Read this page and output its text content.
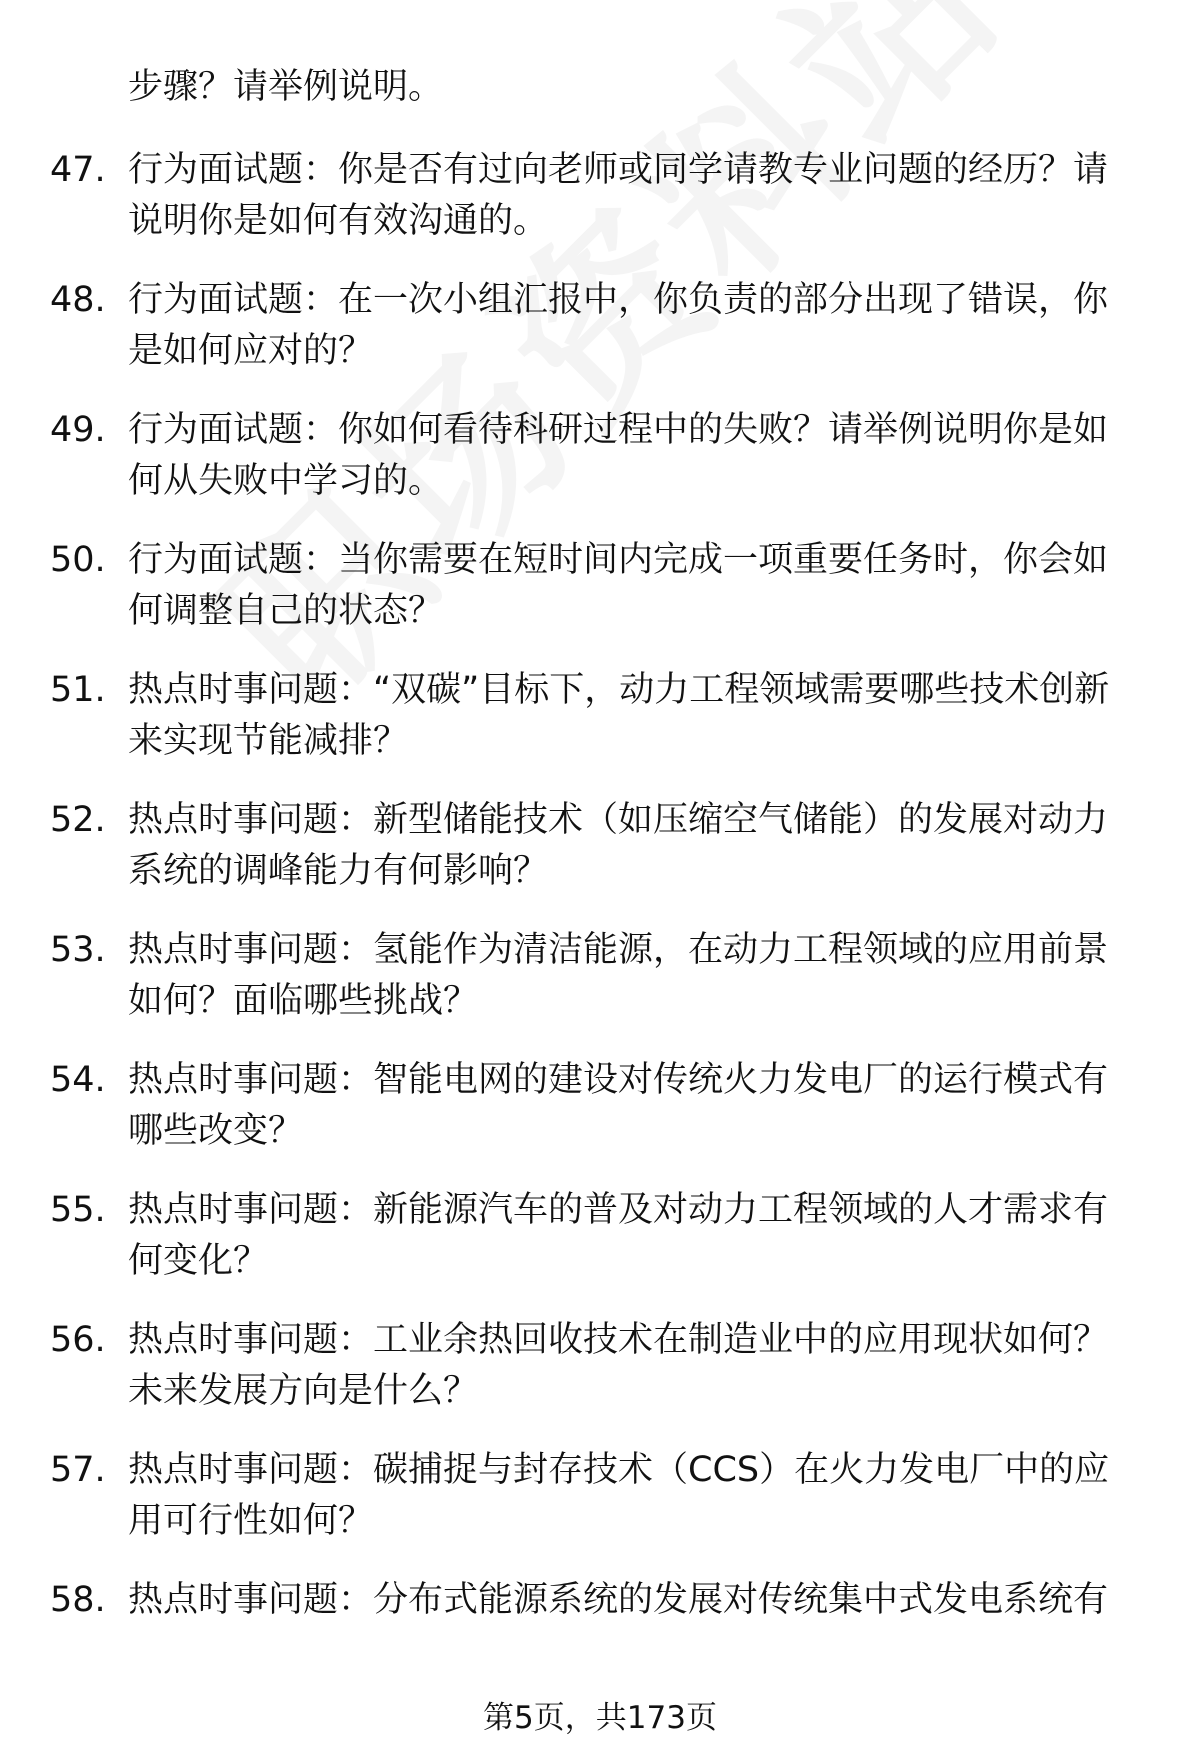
步骤？请举例说明。
47. 行为面试题：你是否有过向老师或同学请教专业问题的经历？请说明你是如何有效沟通的。
48. 行为面试题：在一次小组汇报中，你负责的部分出现了错误，你是如何应对的？
49. 行为面试题：你如何看待科研过程中的失败？请举例说明你是如何从失败中学习的。
50. 行为面试题：当你需要在短时间内完成一项重要任务时，你会如何调整自己的状态？
51. 热点时事问题：“双碳”目标下，动力工程领域需要哪些技术创新来实现节能减排？
52. 热点时事问题：新型储能技术（如压缩空气储能）的发展对动力系统的调峰能力有何影响？
53. 热点时事问题：氢能作为清洁能源，在动力工程领域的应用前景如何？面临哪些挑战？
54. 热点时事问题：智能电网的建设对传统火力发电厂的运行模式有哪些改变？
55. 热点时事问题：新能源汽车的普及对动力工程领域的人才需求有何变化？
56. 热点时事问题：工业余热回收技术在制造业中的应用现状如何？未来发展方向是什么？
57. 热点时事问题：碳捕捉与封存技术（CCS）在火力发电厂中的应用可行性如何？
58. 热点时事问题：分布式能源系统的发展对传统集中式发电系统有
第5页，共173页
